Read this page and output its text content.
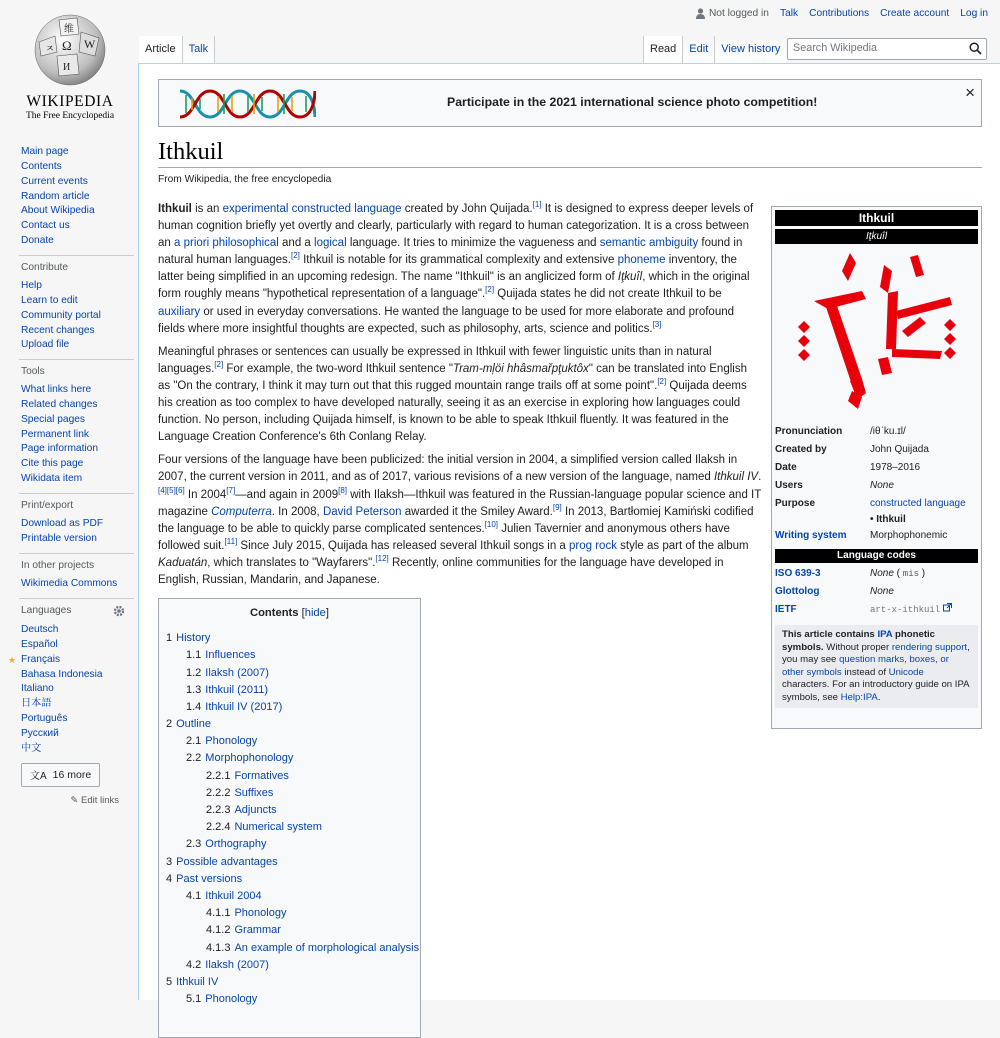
Ω W
ㅈ
维
И
WIKIPEDIA
The Free Encyclopedia
Main page
Contents
Current events
Random article
About Wikipedia
Contact us
Donate
Contribute
Help
Learn to edit
Community portal
Recent changes
Upload file
Tools
What links here
Related changes
Special pages
Permanent link
Page information
Cite this page
Wikidata item
Print/export
Download as PDF
Printable version
In other projects
Wikimedia Commons
Languages
Deutsch
Español
Français
★
Bahasa Indonesia
Italiano
日本語
Português
Русский
中文
文A 16 more
✎ Edit links
Not logged in Talk Contributions Create account Log in
Article	Talk	Read	Edit	View history	Search Wikipedia
Participate in the 2021 international science photo competition!	×
Ithkuil
From Wikipedia, the free encyclopedia

Ithkuil is an experimental constructed language created by John Quijada.[1] It is designed to express deeper levels of human cognition briefly yet overtly and clearly, particularly with regard to human categorization. It is a cross between an a priori philosophical and a logical language. It tries to minimize the vagueness and semantic ambiguity found in natural human languages.[2] Ithkuil is notable for its grammatical complexity and extensive phoneme inventory, the latter being simplified in an upcoming redesign. The name "Ithkuil" is an anglicized form of Iţkuîl, which in the original form roughly means "hypothetical representation of a language".[2] Quijada states he did not create Ithkuil to be auxiliary or used in everyday conversations. He wanted the language to be used for more elaborate and profound fields where more insightful thoughts are expected, such as philosophy, arts, science and politics.[3]

Meaningful phrases or sentences can usually be expressed in Ithkuil with fewer linguistic units than in natural languages.[2] For example, the two-word Ithkuil sentence "Tram-mļöi hhâsmařpţuktôx" can be translated into English as "On the contrary, I think it may turn out that this rugged mountain range trails off at some point".[2] Quijada deems his creation as too complex to have developed naturally, seeing it as an exercise in exploring how languages could function. No person, including Quijada himself, is known to be able to speak Ithkuil fluently. It was featured in the Language Creation Conference's 6th Conlang Relay.

Four versions of the language have been publicized: the initial version in 2004, a simplified version called Ilaksh in 2007, the current version in 2011, and as of 2017, various revisions of a new version of the language, named Ithkuil IV.[4][5][6] In 2004[7]—and again in 2009[8] with Ilaksh—Ithkuil was featured in the Russian-language popular science and IT magazine Computerra. In 2008, David Peterson awarded it the Smiley Award.[9] In 2013, Bartłomiej Kamiński codified the language to be able to quickly parse complicated sentences.[10] Julien Tavernier and anonymous others have followed suit.[11] Since July 2015, Quijada has released several Ithkuil songs in a prog rock style as part of the album Kaduatán, which translates to "Wayfarers".[12] Recently, online communities for the language have developed in English, Russian, Mandarin, and Japanese.

Contents [hide]
1 History
1.1 Influences
1.2 Ilaksh (2007)
1.3 Ithkuil (2011)
1.4 Ithkuil IV (2017)
2 Outline
2.1 Phonology
2.2 Morphophonology
2.2.1 Formatives
2.2.2 Suffixes
2.2.3 Adjuncts
2.2.4 Numerical system
2.3 Orthography
3 Possible advantages
4 Past versions
4.1 Ithkuil 2004
4.1.1 Phonology
4.1.2 Grammar
4.1.3 An example of morphological analysis
4.2 Ilaksh (2007)
5 Ithkuil IV
5.1 Phonology
Ithkuil
Iţkuîl
Pronunciation	/iθˈku.ɪl/
Created by	John Quijada
Date	1978–2016
Users	None
Purpose	constructed language
• Ithkuil
Writing system	Morphophonemic
Language codes
ISO 639-3	None ( mis )
Glottolog	None
IETF	art-x-ithkuil
This article contains IPA phonetic symbols. Without proper rendering support, you may see question marks, boxes, or other symbols instead of Unicode characters. For an introductory guide on IPA symbols, see Help:IPA.
